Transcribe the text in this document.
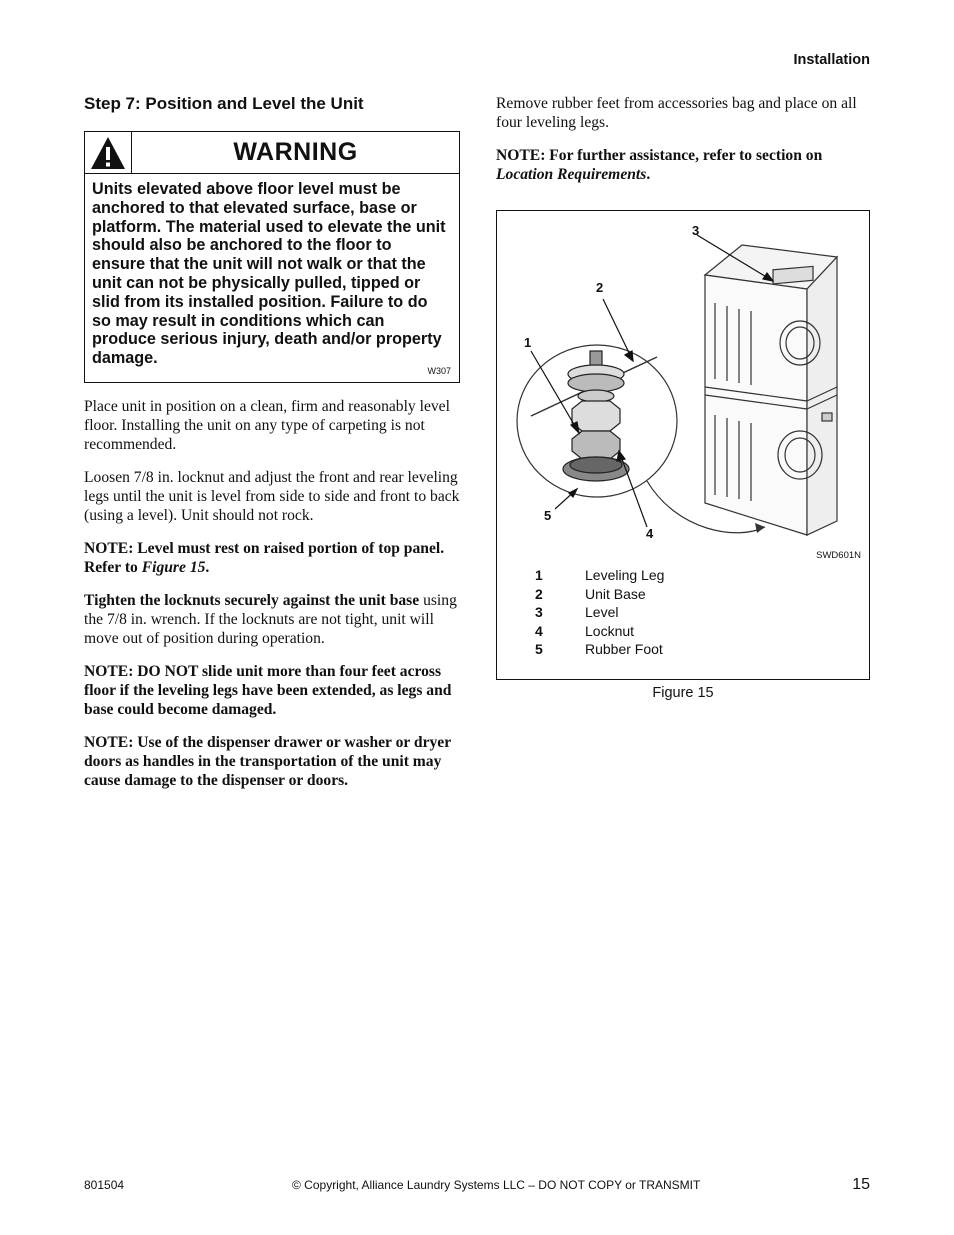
Installation
Step 7: Position and Level the Unit
WARNING
Units elevated above floor level must be anchored to that elevated surface, base or platform. The material used to elevate the unit should also be anchored to the floor to ensure that the unit will not walk or that the unit can not be physically pulled, tipped or slid from its installed position. Failure to do so may result in conditions which can produce serious injury, death and/or property damage.
W307

Place unit in position on a clean, firm and reasonably level floor. Installing the unit on any type of carpeting is not recommended.

Loosen 7/8 in. locknut and adjust the front and rear leveling legs until the unit is level from side to side and front to back (using a level). Unit should not rock.

NOTE: Level must rest on raised portion of top panel. Refer to Figure 15.

Tighten the locknuts securely against the unit base using the 7/8 in. wrench. If the locknuts are not tight, unit will move out of position during operation.

NOTE: DO NOT slide unit more than four feet across floor if the leveling legs have been extended, as legs and base could become damaged.

NOTE: Use of the dispenser drawer or washer or dryer doors as handles in the transportation of the unit may cause damage to the dispenser or doors.

Remove rubber feet from accessories bag and place on all four leveling legs.

NOTE: For further assistance, refer to section on Location Requirements.

3
2
1
5
4
SWD601N
1	Leveling Leg
2	Unit Base
3	Level
4	Locknut
5	Rubber Foot
Figure 15
801504	© Copyright, Alliance Laundry Systems LLC – DO NOT COPY or TRANSMIT	15
